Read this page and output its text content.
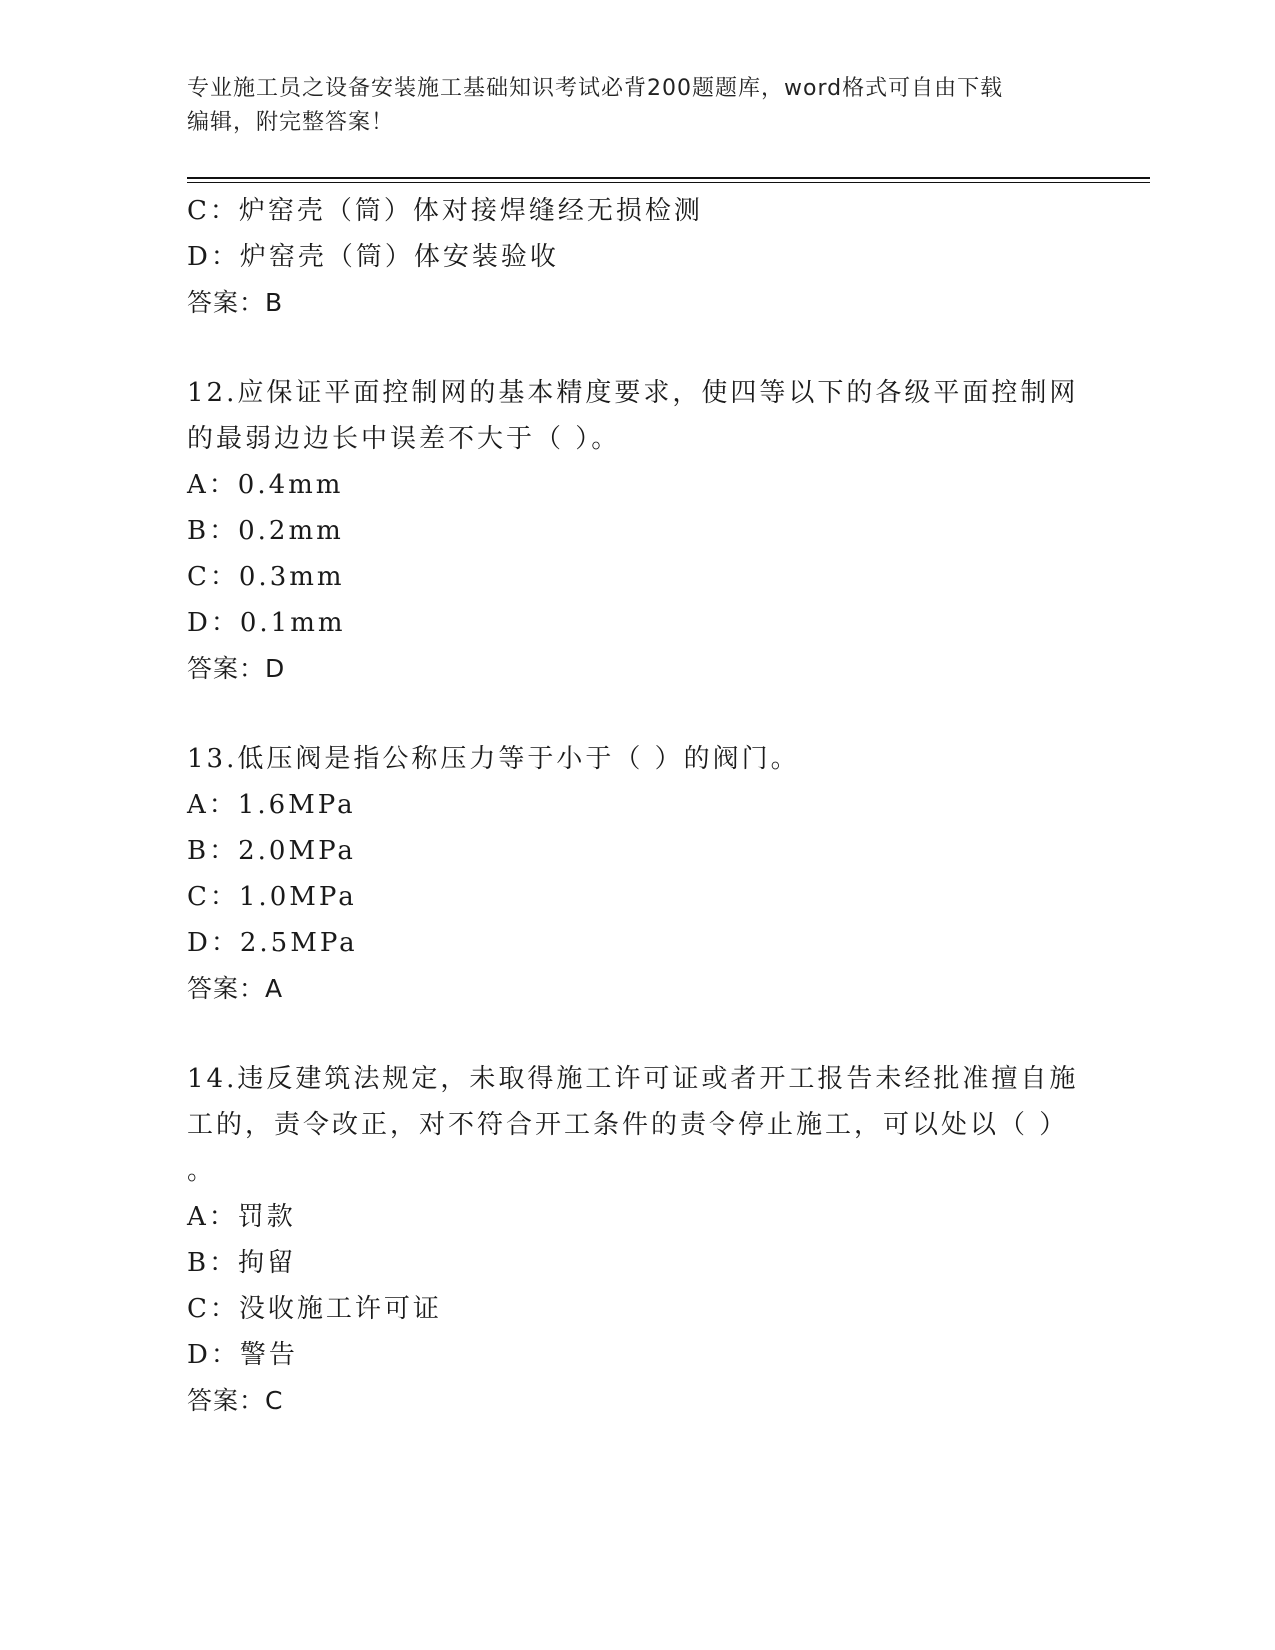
专业施工员之设备安装施工基础知识考试必背200题题库，word格式可自由下载
编辑，附完整答案！
C：炉窑壳（筒）体对接焊缝经无损检测
D：炉窑壳（筒）体安装验收
答案：B
12.应保证平面控制网的基本精度要求，使四等以下的各级平面控制网
的最弱边边长中误差不大于（ ）。
A：0.4mm
B：0.2mm
C：0.3mm
D：0.1mm
答案：D
13.低压阀是指公称压力等于小于（ ）的阀门。
A：1.6MPa
B：2.0MPa
C：1.0MPa
D：2.5MPa
答案：A
14.违反建筑法规定，未取得施工许可证或者开工报告未经批准擅自施
工的，责令改正，对不符合开工条件的责令停止施工，可以处以（ ）
。
A：罚款
B：拘留
C：没收施工许可证
D：警告
答案：C
